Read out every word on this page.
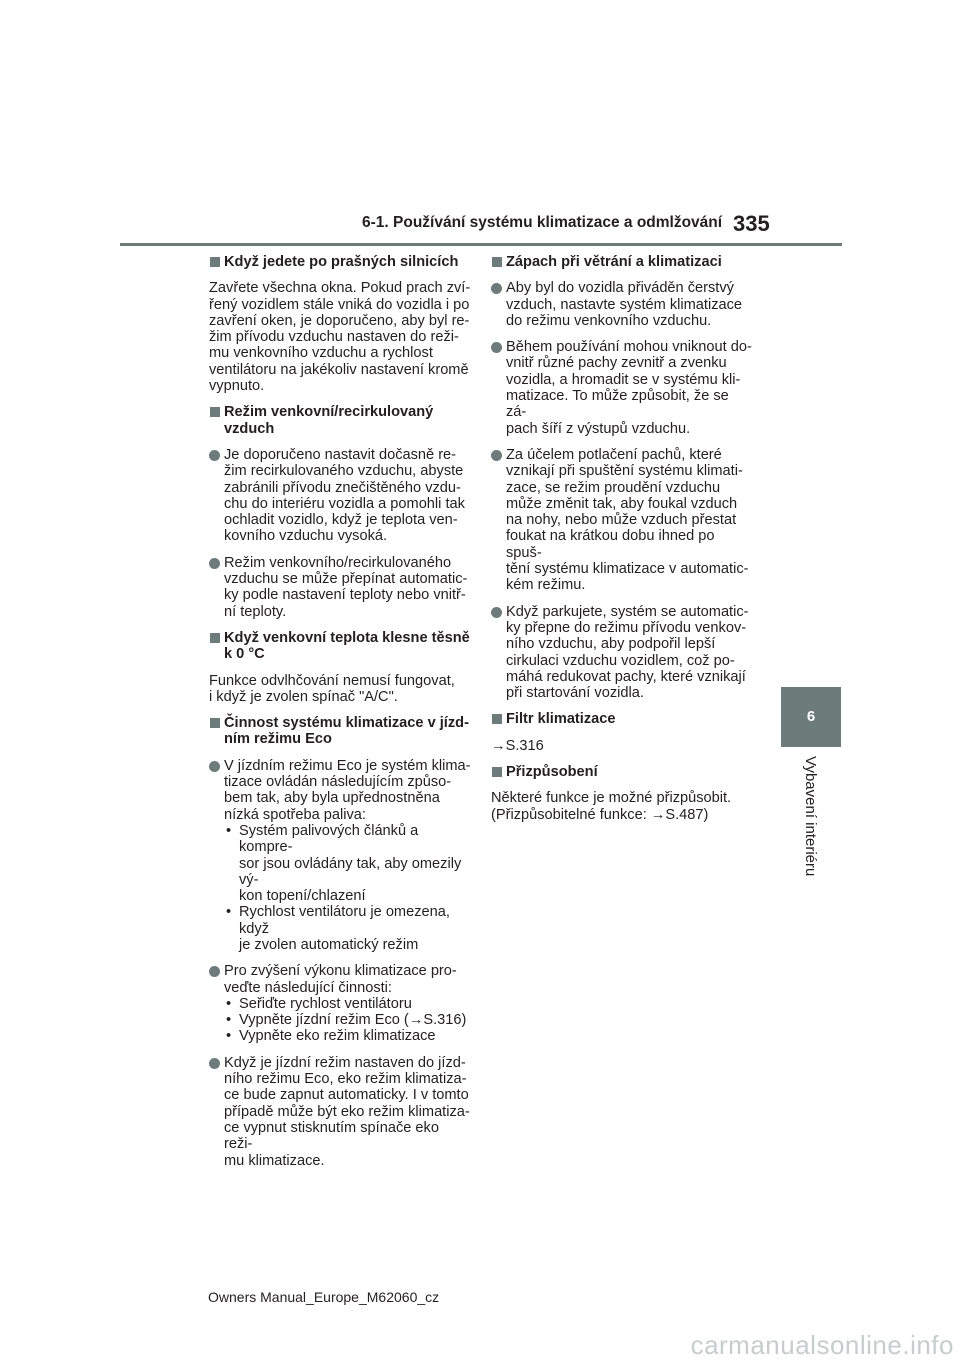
6-1. Používání systému klimatizace a odmlžování 335
6
Vybavení interiéru
Když jedete po prašných silnicích
Zavřete všechna okna. Pokud prach zví-
řený vozidlem stále vniká do vozidla i po
zavření oken, je doporučeno, aby byl re-
žim přívodu vzduchu nastaven do reži-
mu venkovního vzduchu a rychlost
ventilátoru na jakékoliv nastavení kromě
vypnuto.
Režim venkovní/recirkulovaný
vzduch
Je doporučeno nastavit dočasně re-
žim recirkulovaného vzduchu, abyste
zabránili přívodu znečištěného vzdu-
chu do interiéru vozidla a pomohli tak
ochladit vozidlo, když je teplota ven-
kovního vzduchu vysoká.
Režim venkovního/recirkulovaného
vzduchu se může přepínat automatic-
ky podle nastavení teploty nebo vnitř-
ní teploty.
Když venkovní teplota klesne těsně
k 0 °C
Funkce odvlhčování nemusí fungovat,
i když je zvolen spínač "A/C".
Činnost systému klimatizace v jízd-
ním režimu Eco
V jízdním režimu Eco je systém klima-
tizace ovládán následujícím způso-
bem tak, aby byla upřednostněna
nízká spotřeba paliva:
• Systém palivových článků a kompre-
sor jsou ovládány tak, aby omezily vý-
kon topení/chlazení
• Rychlost ventilátoru je omezena, když
je zvolen automatický režim
Pro zvýšení výkonu klimatizace pro-
veďte následující činnosti:
• Seřiďte rychlost ventilátoru
• Vypněte jízdní režim Eco (→S.316)
• Vypněte eko režim klimatizace
Když je jízdní režim nastaven do jízd-
ního režimu Eco, eko režim klimatiza-
ce bude zapnut automaticky. I v tomto
případě může být eko režim klimatiza-
ce vypnut stisknutím spínače eko reži-
mu klimatizace.
Zápach při větrání a klimatizaci
Aby byl do vozidla přiváděn čerstvý
vzduch, nastavte systém klimatizace
do režimu venkovního vzduchu.
Během používání mohou vniknout do-
vnitř různé pachy zevnitř a zvenku
vozidla, a hromadit se v systému kli-
matizace. To může způsobit, že se zá-
pach šíří z výstupů vzduchu.
Za účelem potlačení pachů, které
vznikají při spuštění systému klimati-
zace, se režim proudění vzduchu
může změnit tak, aby foukal vzduch
na nohy, nebo může vzduch přestat
foukat na krátkou dobu ihned po spuš-
tění systému klimatizace v automatic-
kém režimu.
Když parkujete, systém se automatic-
ky přepne do režimu přívodu venkov-
ního vzduchu, aby podpořil lepší
cirkulaci vzduchu vozidlem, což po-
máhá redukovat pachy, které vznikají
při startování vozidla.
Filtr klimatizace
→S.316
Přizpůsobení
Některé funkce je možné přizpůsobit.
(Přizpůsobitelné funkce: →S.487)
Owners Manual_Europe_M62060_cz
carmanualsonline.info
